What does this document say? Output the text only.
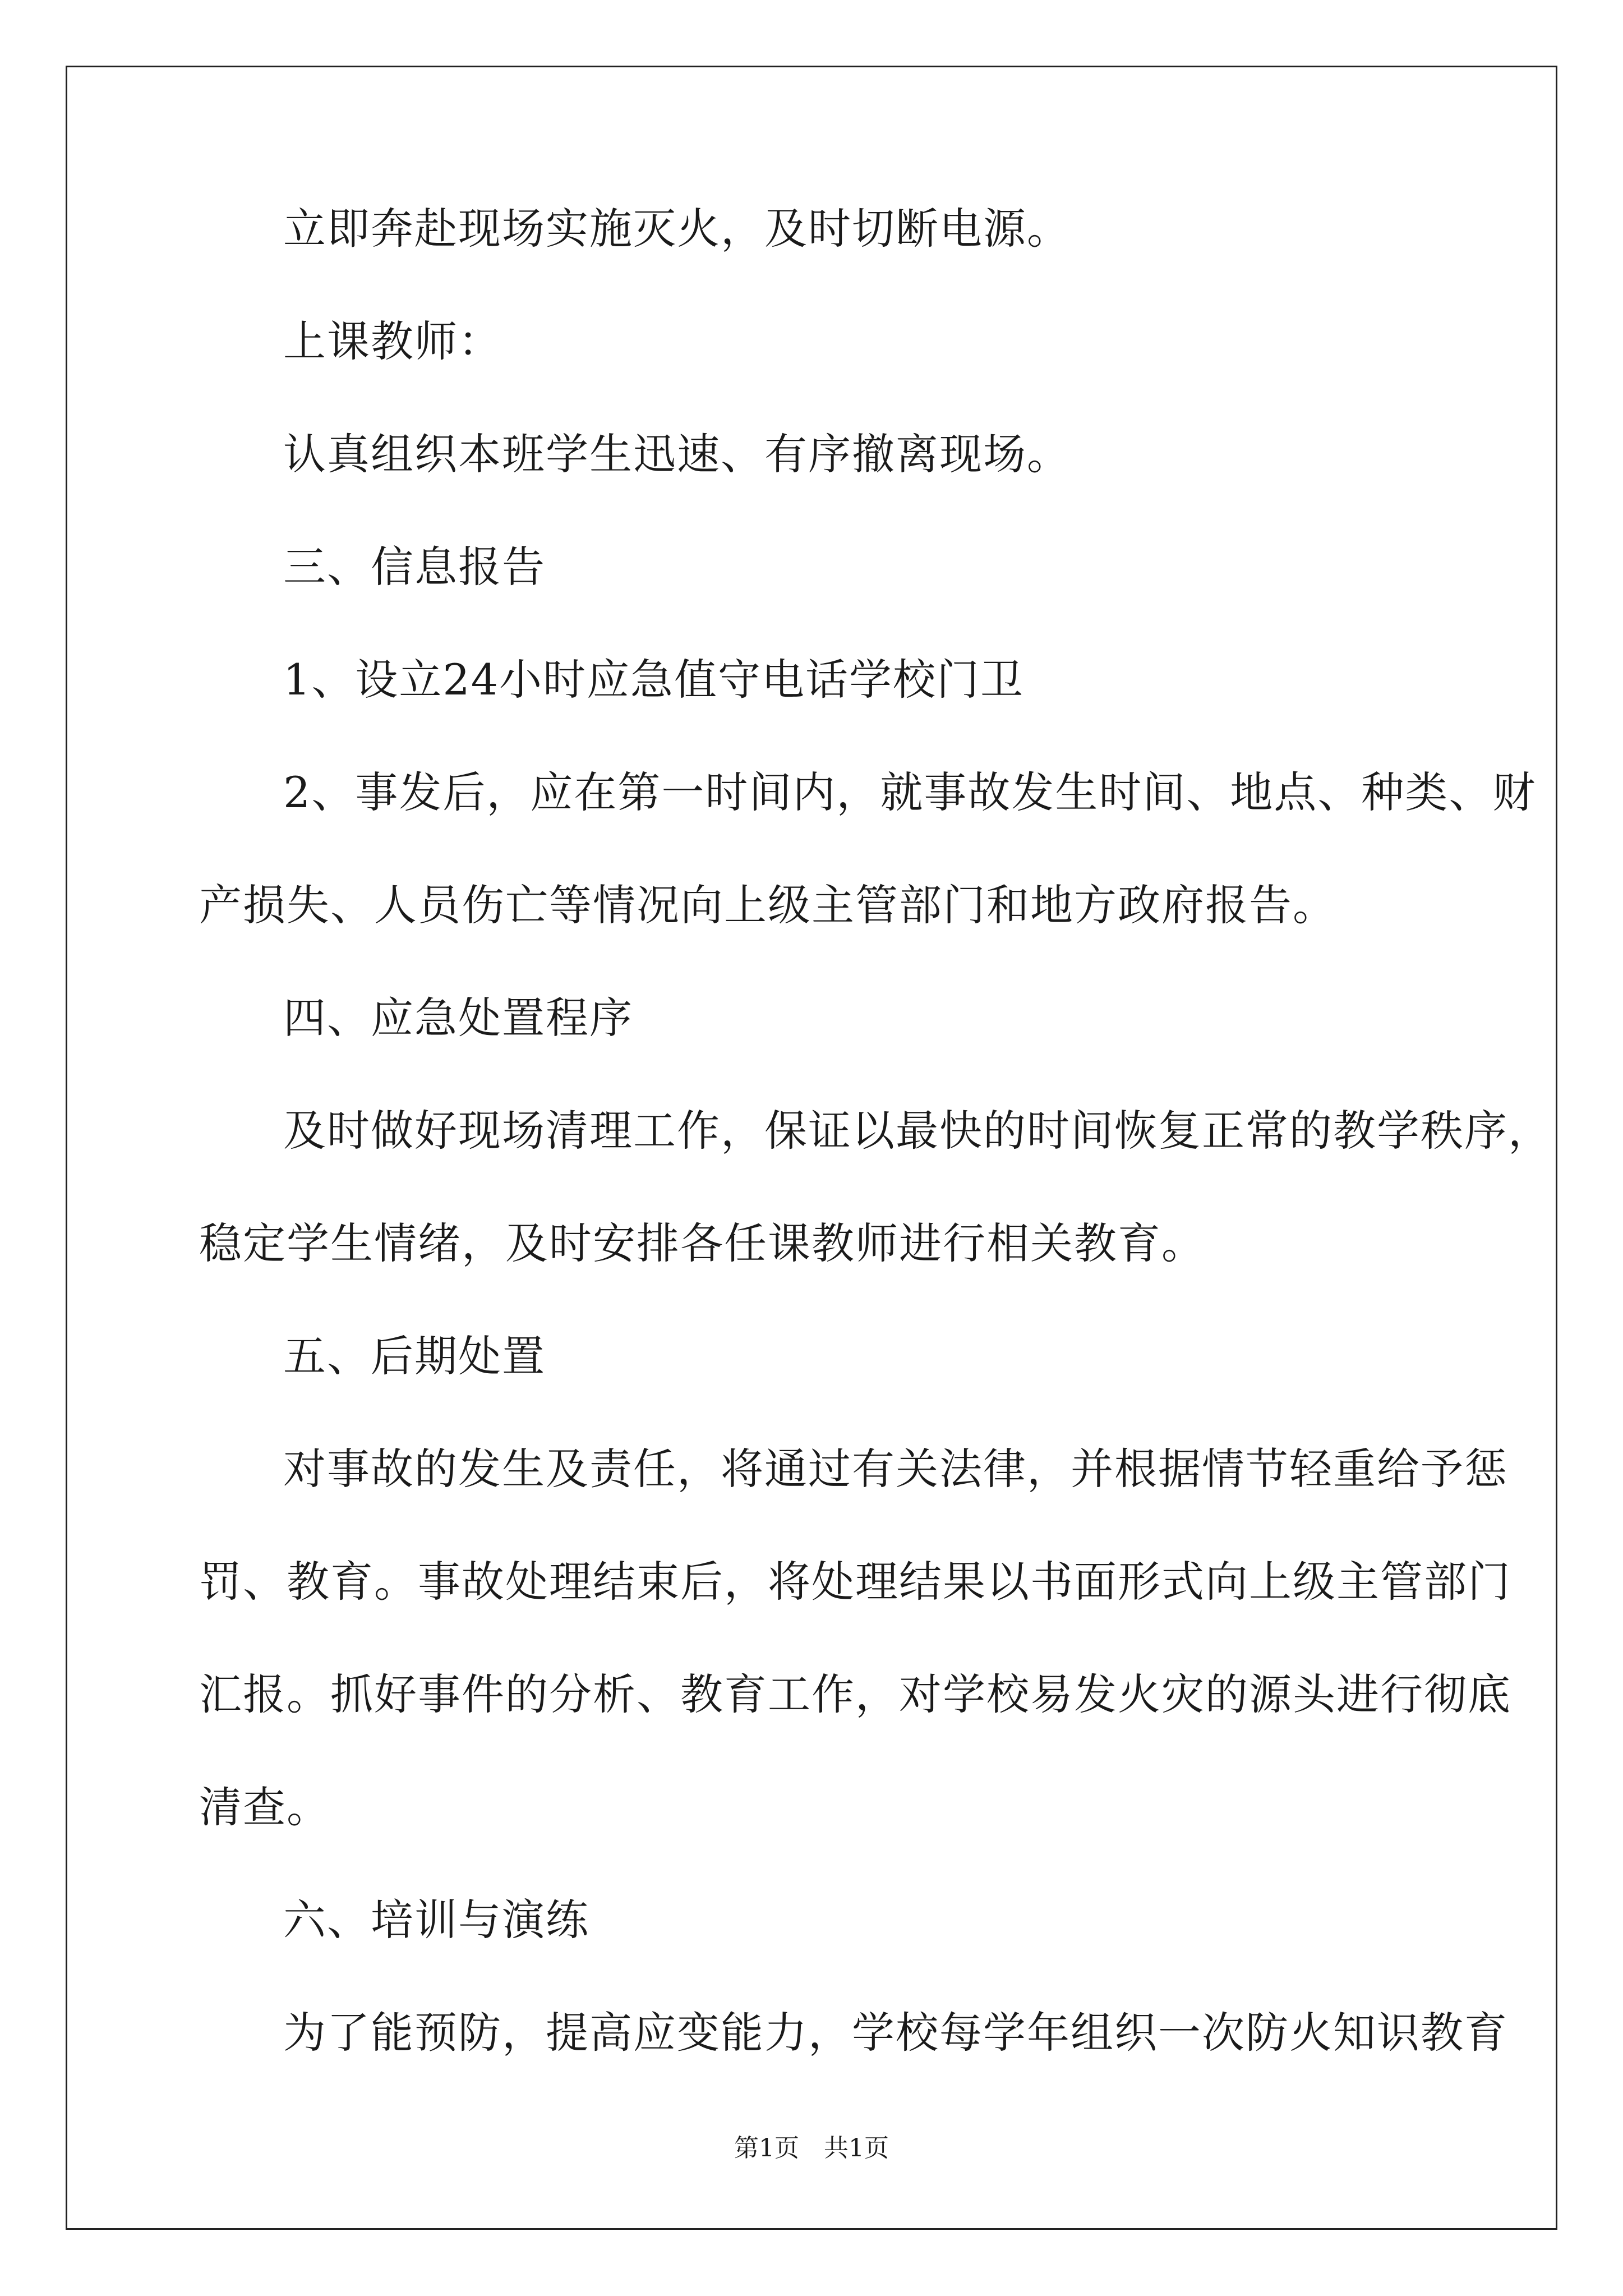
立即奔赴现场实施灭火，及时切断电源。
上课教师：
认真组织本班学生迅速、有序撤离现场。
三、信息报告
1、设立24小时应急值守电话学校门卫
2、事发后，应在第一时间内，就事故发生时间、地点、种类、财
产损失、人员伤亡等情况向上级主管部门和地方政府报告。
四、应急处置程序
及时做好现场清理工作，保证以最快的时间恢复正常的教学秩序，
稳定学生情绪，及时安排各任课教师进行相关教育。
五、后期处置
对事故的发生及责任，将通过有关法律，并根据情节轻重给予惩
罚、教育。事故处理结束后，将处理结果以书面形式向上级主管部门
汇报。抓好事件的分析、教育工作，对学校易发火灾的源头进行彻底
清查。
六、培训与演练
为了能预防，提高应变能力，学校每学年组织一次防火知识教育
第1页　共1页
